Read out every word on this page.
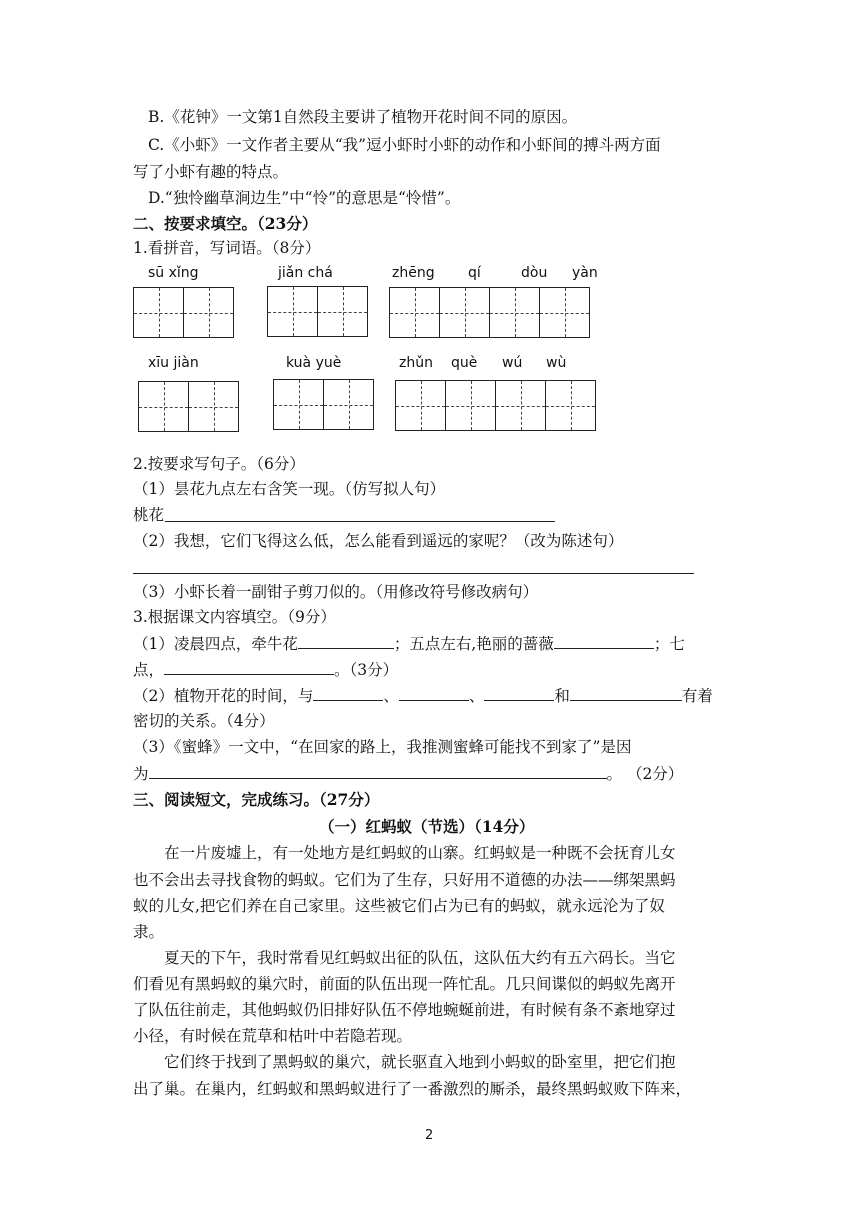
B.《花钟》一文第1自然段主要讲了植物开花时间不同的原因。
C.《小虾》一文作者主要从“我”逗小虾时小虾的动作和小虾间的搏斗两方面
写了小虾有趣的特点。
D.“独怜幽草涧边生”中“怜”的意思是“怜惜”。
二、按要求填空。（23分）
1.看拼音，写词语。（8分）
sū xǐng	jiǎn chá	zhēng qí	dòu yàn
xīu jiàn	kuà yuè	zhǔn què wú wù
2.按要求写句子。（6分）
（1）昙花九点左右含笑一现。（仿写拟人句）
桃花
（2）我想，它们飞得这么低，怎么能看到遥远的家呢？（改为陈述句）
（3）小虾长着一副钳子剪刀似的。（用修改符号修改病句）
3.根据课文内容填空。（9分）
（1）凌晨四点，牵牛花	；五点左右,艳丽的蔷薇	；七
点，	。（3分）
（2）植物开花的时间，与	、	、	和	有着
密切的关系。（4分）
（3）《蜜蜂》一文中，“在回家的路上，我推测蜜蜂可能找不到家了”是因
为	。 （2分）
三、阅读短文，完成练习。（27分）
（一）红蚂蚁（节选）（14分）
在一片废墟上，有一处地方是红蚂蚁的山寨。红蚂蚁是一种既不会抚育儿女
也不会出去寻找食物的蚂蚁。它们为了生存，只好用不道德的办法——绑架黑蚂
蚁的儿女,把它们养在自己家里。这些被它们占为已有的蚂蚁，就永远沦为了奴
隶。
夏天的下午，我时常看见红蚂蚁出征的队伍，这队伍大约有五六码长。当它
们看见有黑蚂蚁的巢穴时，前面的队伍出现一阵忙乱。几只间谍似的蚂蚁先离开
了队伍往前走，其他蚂蚁仍旧排好队伍不停地蜿蜒前进，有时候有条不紊地穿过
小径，有时候在荒草和枯叶中若隐若现。
它们终于找到了黑蚂蚁的巢穴，就长驱直入地到小蚂蚁的卧室里，把它们抱
出了巢。在巢内，红蚂蚁和黑蚂蚁进行了一番激烈的厮杀，最终黑蚂蚁败下阵来，
2
